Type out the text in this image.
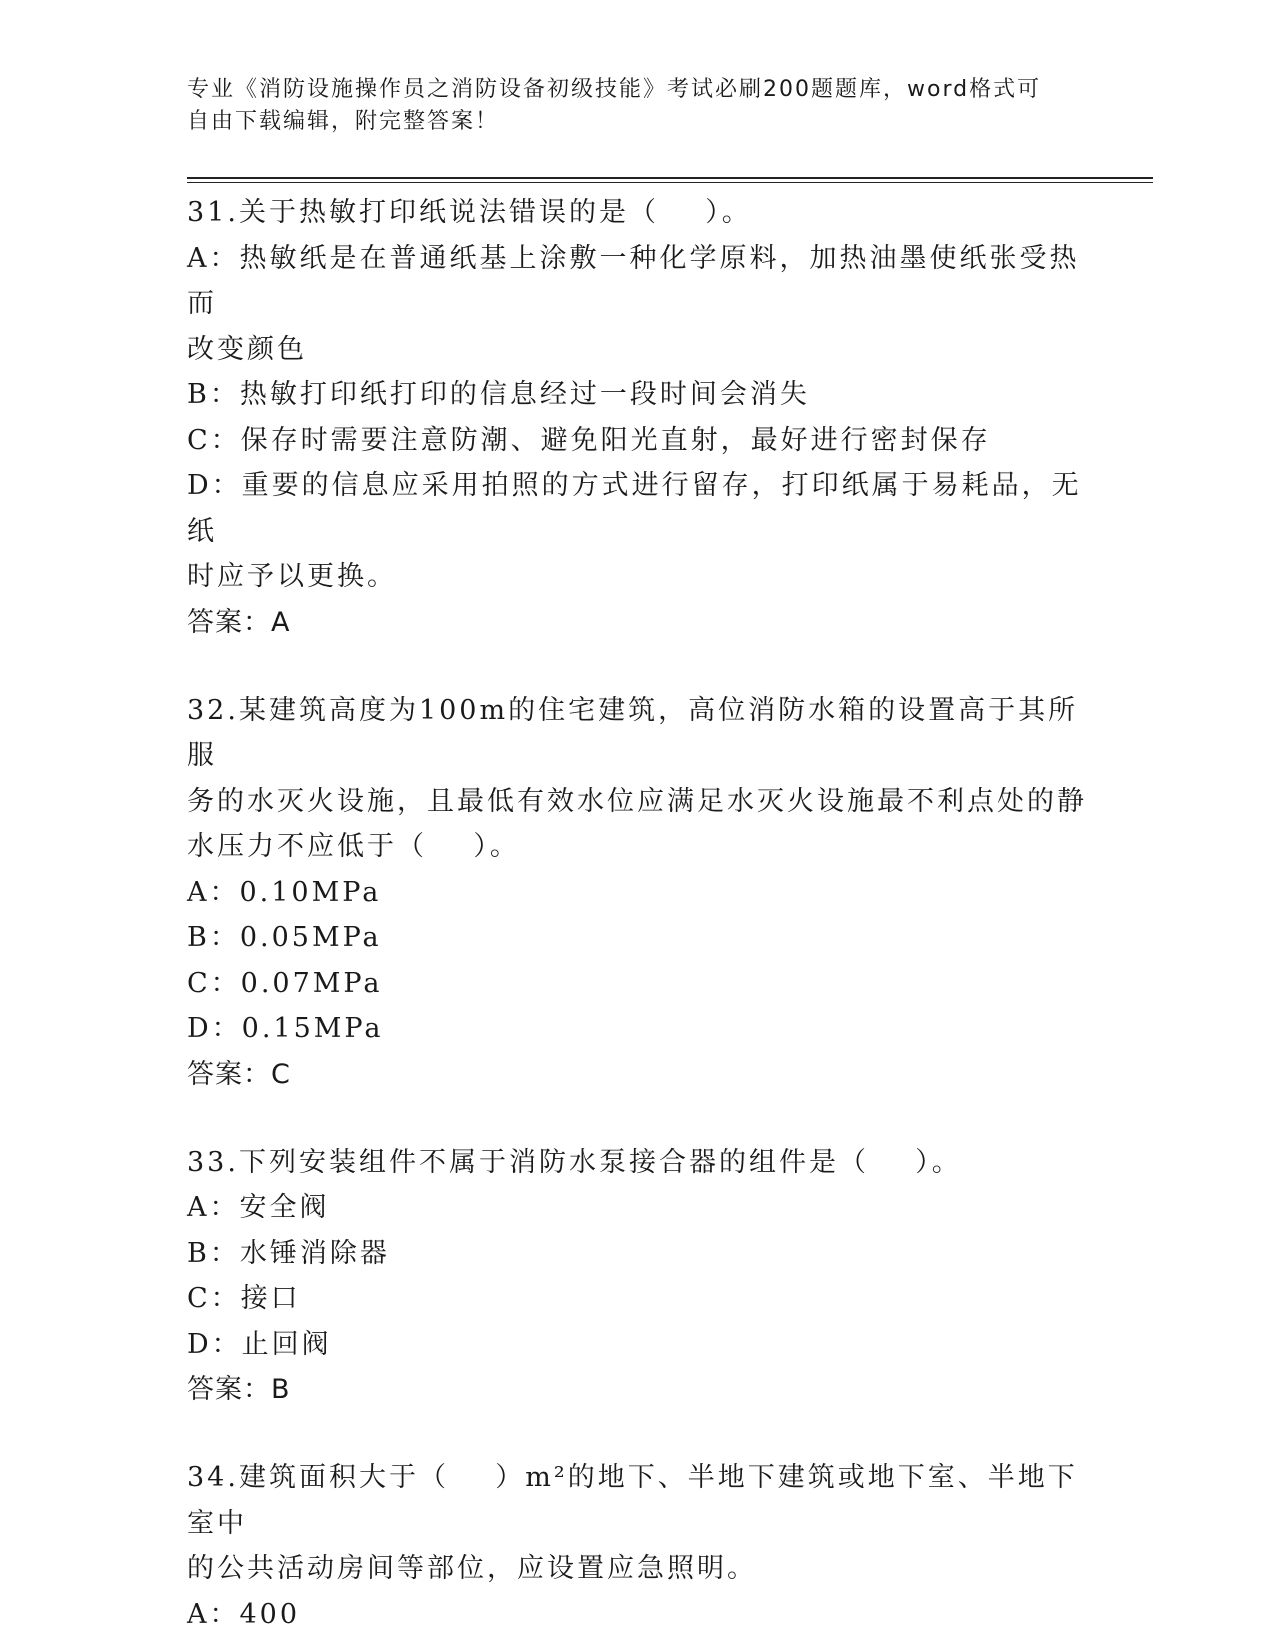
专业《消防设施操作员之消防设备初级技能》考试必刷200题题库，word格式可
自由下载编辑，附完整答案！
31.关于热敏打印纸说法错误的是（    ）。
A：热敏纸是在普通纸基上涂敷一种化学原料，加热油墨使纸张受热而
改变颜色
B：热敏打印纸打印的信息经过一段时间会消失
C：保存时需要注意防潮、避免阳光直射，最好进行密封保存
D：重要的信息应采用拍照的方式进行留存，打印纸属于易耗品，无纸
时应予以更换。
答案：A
32.某建筑高度为100m的住宅建筑，高位消防水箱的设置高于其所服
务的水灭火设施，且最低有效水位应满足水灭火设施最不利点处的静
水压力不应低于（    ）。
A：0.10MPa
B：0.05MPa
C：0.07MPa
D：0.15MPa
答案：C
33.下列安装组件不属于消防水泵接合器的组件是（    ）。
A：安全阀
B：水锤消除器
C：接口
D：止回阀
答案：B
34.建筑面积大于（    ）m²的地下、半地下建筑或地下室、半地下室中
的公共活动房间等部位，应设置应急照明。
A：400
